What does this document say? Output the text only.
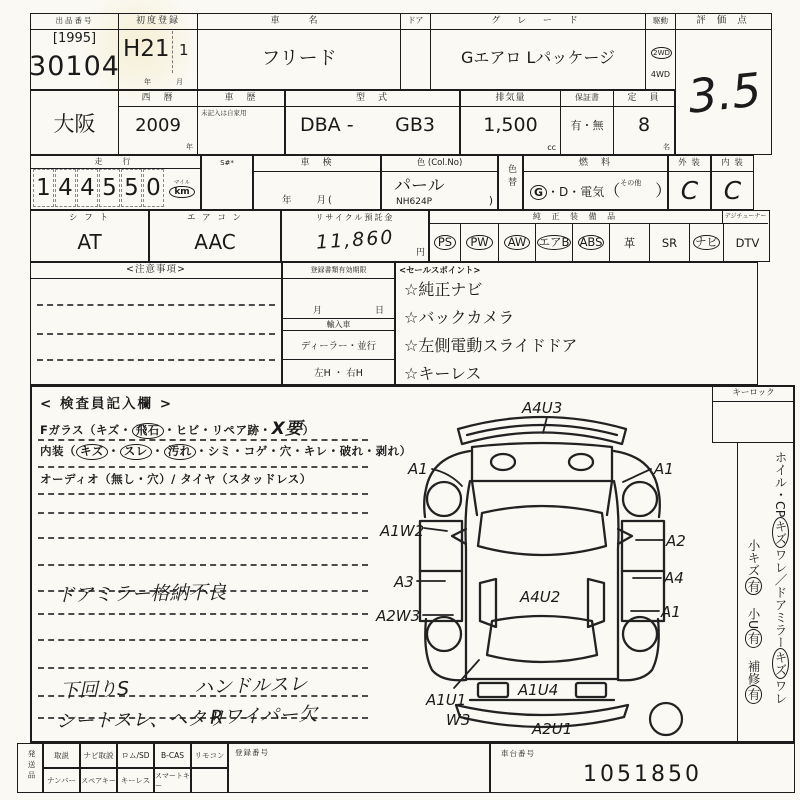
出品番号
[1995]
30104
初度登録
H21 1
年　月
車　名
フリード
ドア	グ レ ー ド
Gエアロ Lパッケージ
駆動
2WD
4WD
評 価 点
3.5
大阪
西　暦
2009
年
車　歴
未記入は自家用
型　式
DBA - GB3
排気量
1,500
cc
保証書
有・無
定　員
8
名
走　行
1 4 4 5 5 0	マイル
km
S#*	車　検
年　　月(
色 (Col.No)
パール
NH624P	)
色替
燃　料
G ・D・電気（$^{その他}$ ）
外 装
C
内 装
C
シ フ ト
AT
エ ア コ ン
AAC
リサイクル預託金
11,860 円
純 正 装 備 品	デジチューナー
PS	PW	AW	エアB ABS 革 SR ナビ DTV
<注意事項>	登録書類有効期限
月	日
輸入車
ディーラー・並行
左H ・ 右H
<セールスポイント>
☆純正ナビ
☆バックカメラ
☆左側電動スライドドア
☆キーレス
< 検査員記入欄 >
Fガラス（キズ・ 飛石 ・ヒビ・リペア跡・X要）
内装（ キズ ・ スレ ・ 汚れ ・シミ・コゲ・穴・キレ・破れ・剥れ）
オーディオ（無し・穴）/ タイヤ（スタッドレス）
ドアミラー格納不良
下回りS	ハンドルスレ
シートスレ、ヘタリ
Rワイパー欠
A4U3
A1	A1
A1W2
A2
A3	A4
A2W3	A1
A4U2
A1U1
W3
A1U4
A2U1
キーロック
ホイル・CPキズワレ／ドアミラーキズワレ
小キズ有　小U有　補修有
発送品	取説	ナビ取説	ロム/SD	B-CAS	リモコン
ナンバー スペアキー キーレス
スマートキー
登録番号	車台番号
1051850
